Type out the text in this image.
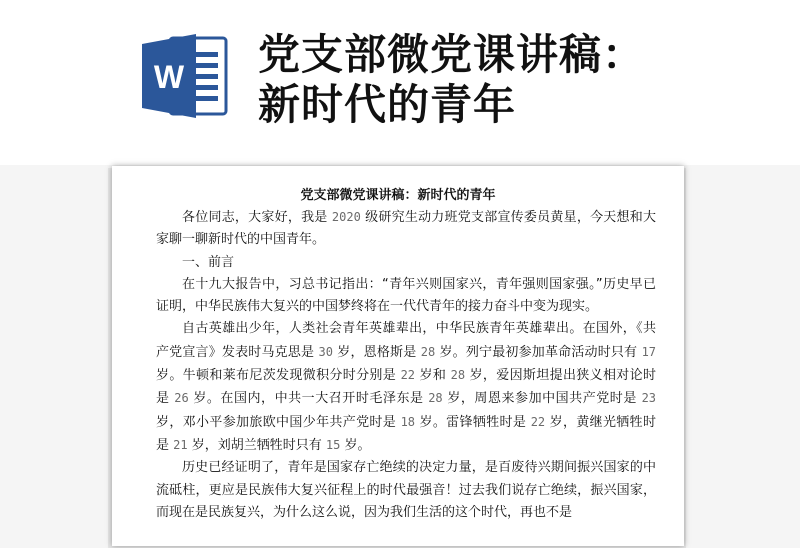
W 党支部微党课讲稿：
新时代的青年
党支部微党课讲稿：新时代的青年

各位同志，大家好，我是 2020 级研究生动力班党支部宣传委员黄星，今天想和大家聊一聊新时代的中国青年。

一、前言

在十九大报告中，习总书记指出：“青年兴则国家兴，青年强则国家强。”历史早已证明，中华民族伟大复兴的中国梦终将在一代代青年的接力奋斗中变为现实。

自古英雄出少年，人类社会青年英雄辈出，中华民族青年英雄辈出。在国外，《共产党宣言》发表时马克思是 30 岁，恩格斯是 28 岁。列宁最初参加革命活动时只有 17 岁。牛顿和莱布尼茨发现微积分时分别是 22 岁和 28 岁，爱因斯坦提出狭义相对论时是 26 岁。在国内，中共一大召开时毛泽东是 28 岁，周恩来参加中国共产党时是 23 岁，邓小平参加旅欧中国少年共产党时是 18 岁。雷锋牺牲时是 22 岁，黄继光牺牲时是 21 岁，刘胡兰牺牲时只有 15 岁。

历史已经证明了，青年是国家存亡绝续的决定力量，是百废待兴期间振兴国家的中流砥柱，更应是民族伟大复兴征程上的时代最强音！过去我们说存亡绝续，振兴国家，而现在是民族复兴，为什么这么说，因为我们生活的这个时代，再也不是
